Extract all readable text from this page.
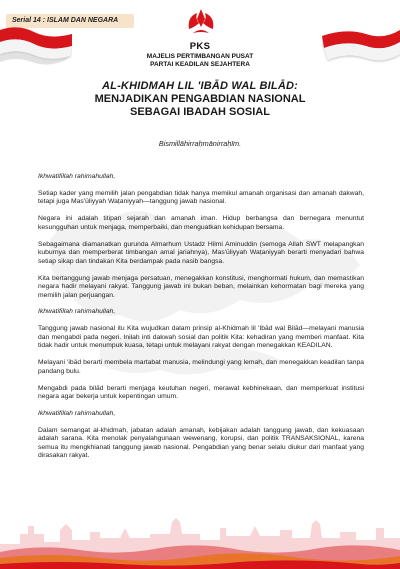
Serial 14 : ISLAM DAN NEGARA
PKS
MAJELIS PERTIMBANGAN PUSAT
PARTAI KEADILAN SEJAHTERA
AL-KHIDMAH LIL 'IBĀD WAL BILĀD:
MENJADIKAN PENGABDIAN NASIONAL
SEBAGAI IBADAH SOSIAL
Bismillāhirraḥmānirraḥīm.

Ikhwatifillah rahimahullah,

Setiap kader yang memilih jalan pengabdian tidak hanya memikul amanah organisasi dan amanah dakwah, tetapi juga Mas'ūliyyah Waṭaniyyah—tanggung jawab nasional.

Negara ini adalah titipan sejarah dan amanah iman. Hidup berbangsa dan bernegara menuntut kesungguhan untuk menjaga, memperbaiki, dan menguatkan kehidupan bersama.

Sebagaimana diamanatkan gurunda Almarhum Ustadz Hilmi Aminuddin (semoga Allah SWT melapangkan kuburnya dan memperberat timbangan amal jariahnya), Mas'ūliyyah Waṭaniyyah berarti menyadari bahwa setiap sikap dan tindakan Kita berdampak pada nasib bangsa.

Kita bertanggung jawab menjaga persatuan, menegakkan konstitusi, menghormati hukum, dan memastikan negara hadir melayani rakyat. Tanggung jawab ini bukan beban, melainkan kehormatan bagi mereka yang memilih jalan perjuangan.

Ikhwatifillah rahimahullah,

Tanggung jawab nasional itu Kita wujudkan dalam prinsip al-Khidmah lil 'Ibād wal Bilād—melayani manusia dan mengabdi pada negeri. Inilah inti dakwah sosial dan politik Kita: kehadiran yang memberi manfaat. Kita tidak hadir untuk menumpuk kuasa, tetapi untuk melayani rakyat dengan menegakkan KEADILAN.

Melayani 'ibād berarti membela martabat manusia, melindungi yang lemah, dan menegakkan keadilan tanpa pandang bulu.

Mengabdi pada bilād berarti menjaga keutuhan negeri, merawat kebhinekaan, dan memperkuat institusi negara agar bekerja untuk kepentingan umum.

Ikhwatifillah rahimahullah,

Dalam semangat al-khidmah, jabatan adalah amanah, kebijakan adalah tanggung jawab, dan kekuasaan adalah sarana. Kita menolak penyalahgunaan wewenang, korupsi, dan politik TRANSAKSIONAL, karena semua itu mengkhianati tanggung jawab nasional. Pengabdian yang benar selalu diukur dari manfaat yang dirasakan rakyat.
